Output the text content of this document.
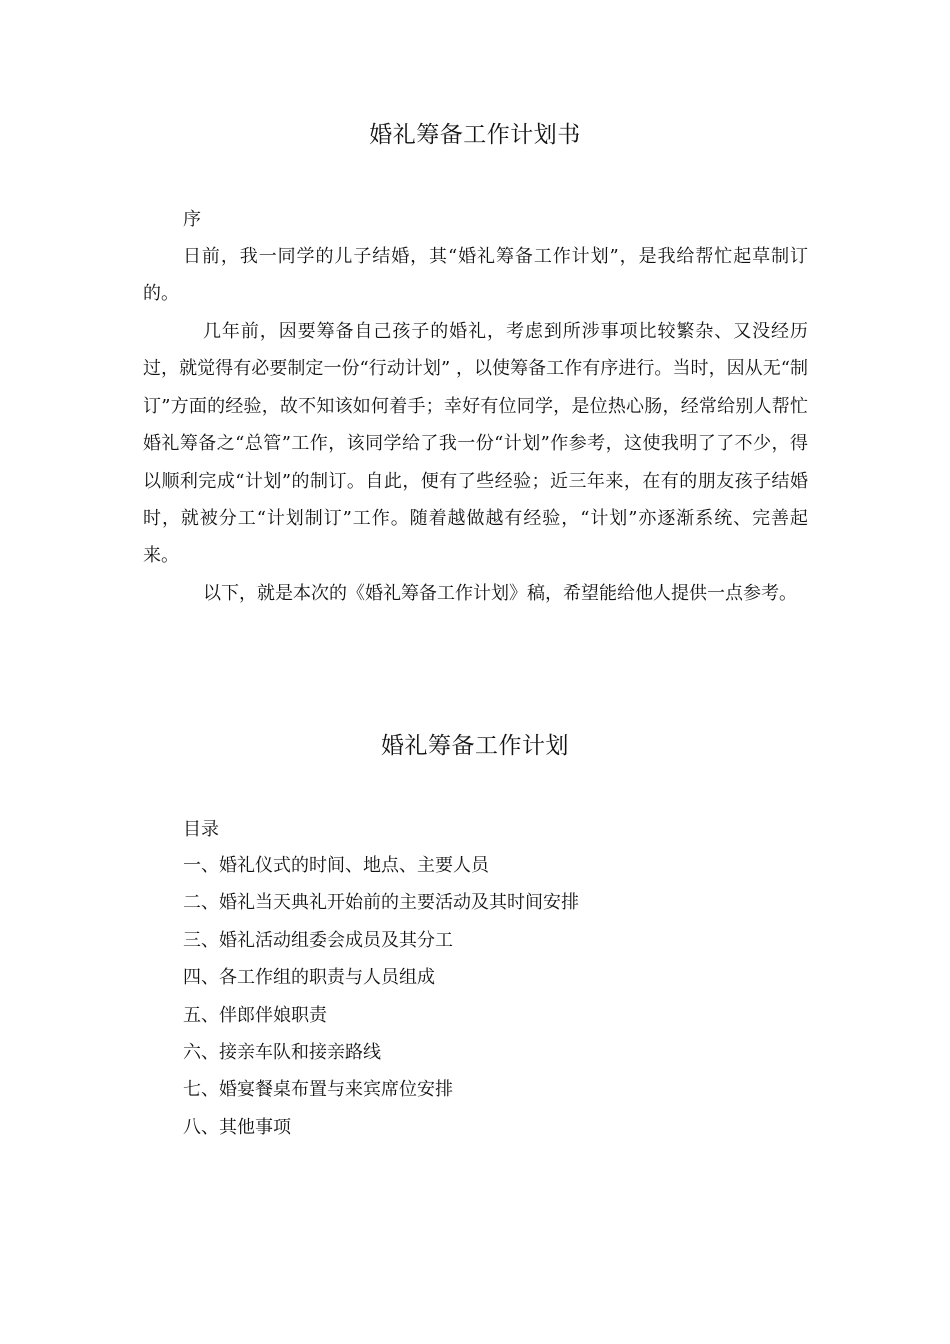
婚礼筹备工作计划书
序

日前，我一同学的儿子结婚，其“婚礼筹备工作计划”，是我给帮忙起草制订的。

几年前，因要筹备自己孩子的婚礼，考虑到所涉事项比较繁杂、又没经历过，就觉得有必要制定一份“行动计划” ，以使筹备工作有序进行。当时，因从无“制订”方面的经验，故不知该如何着手；幸好有位同学，是位热心肠，经常给别人帮忙婚礼筹备之“总管”工作，该同学给了我一份“计划”作参考，这使我明了了不少，得以顺利完成“计划”的制订。自此，便有了些经验；近三年来，在有的朋友孩子结婚时，就被分工“计划制订”工作。随着越做越有经验，“计划”亦逐渐系统、完善起来。

以下，就是本次的《婚礼筹备工作计划》稿，希望能给他人提供一点参考。

婚礼筹备工作计划
目录
一、婚礼仪式的时间、地点、主要人员
二、婚礼当天典礼开始前的主要活动及其时间安排
三、婚礼活动组委会成员及其分工
四、各工作组的职责与人员组成
五、伴郎伴娘职责
六、接亲车队和接亲路线
七、婚宴餐桌布置与来宾席位安排
八、其他事项
